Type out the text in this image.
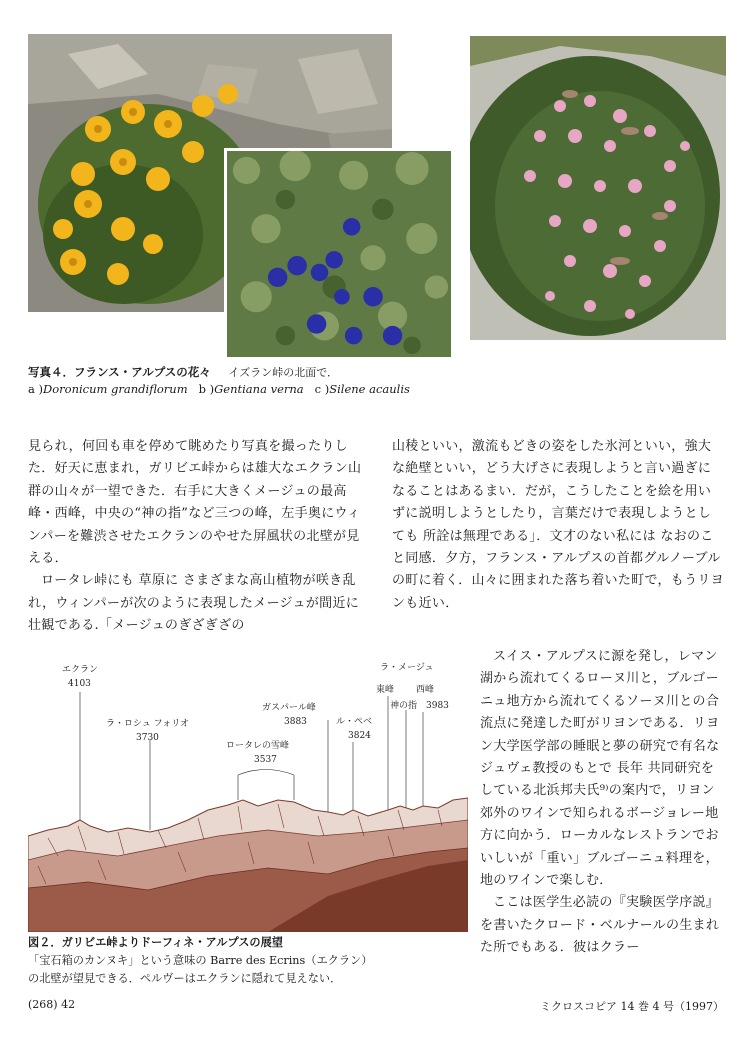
写真４．フランス・アルプスの花々 イズラン峠の北面で．
a )Doronicum grandiflorum b )Gentiana verna c )Silene acaulis

見られ，何回も車を停めて眺めたり写真を撮ったりした．好天に恵まれ，ガリビエ峠からは雄大なエクラン山群の山々が一望できた．右手に大きくメージュの最高峰・西峰，中央の“神の指”など三つの峰，左手奥にウィンパーを難渋させたエクランのやせた屏風状の北壁が見える．

ロータレ峠にも 草原に さまざまな高山植物が咲き乱れ，ウィンパーが次のように表現したメージュが間近に壮観である.「メージュのぎざぎざの

山稜といい，激流もどきの姿をした氷河といい，強大な絶壁といい，どう大げさに表現しようと言い過ぎになることはあるまい．だが，こうしたことを絵を用いずに説明しようとしたり，言葉だけで表現しようとしても 所詮は無理である」．文才のない私には なおのこと同感．夕方，フランス・アルプスの首都グルノーブルの町に着く．山々に囲まれた落ち着いた町で，もうリヨンも近い．

スイス・アルプスに源を発し，レマン湖から流れてくるローヌ川と，ブルゴーニュ地方から流れてくるソーヌ川との合流点に発達した町がリヨンである．リヨン大学医学部の睡眠と夢の研究で有名なジュヴェ教授のもとで 長年 共同研究をしている北浜邦夫氏⁹⁾の案内で，リヨン郊外のワインで知られるボージョレー地方に向かう．ローカルなレストランでおいしいが「重い」ブルゴーニュ料理を，地のワインで楽しむ．

ここは医学生必読の『実験医学序説』を書いたクロード・ベルナールの生まれた所でもある．彼はクラー

エクラン
4103
ラ・ロシュ フォリオ
3730
ロータレの雪峰
3537
ガスパール峰
3883	ル・ペベ
3824
ラ・メージュ
東峰
神の指
西峰
3983
図２．ガリビエ峠よりドーフィネ・アルプスの展望
「宝石箱のカンヌキ」という意味の Barre des Ecrins（エクラン）
の北壁が望見できる．ペルヴーはエクランに隠れて見えない．
(268) 42	ミクロスコピア 14 巻 4 号（1997）
